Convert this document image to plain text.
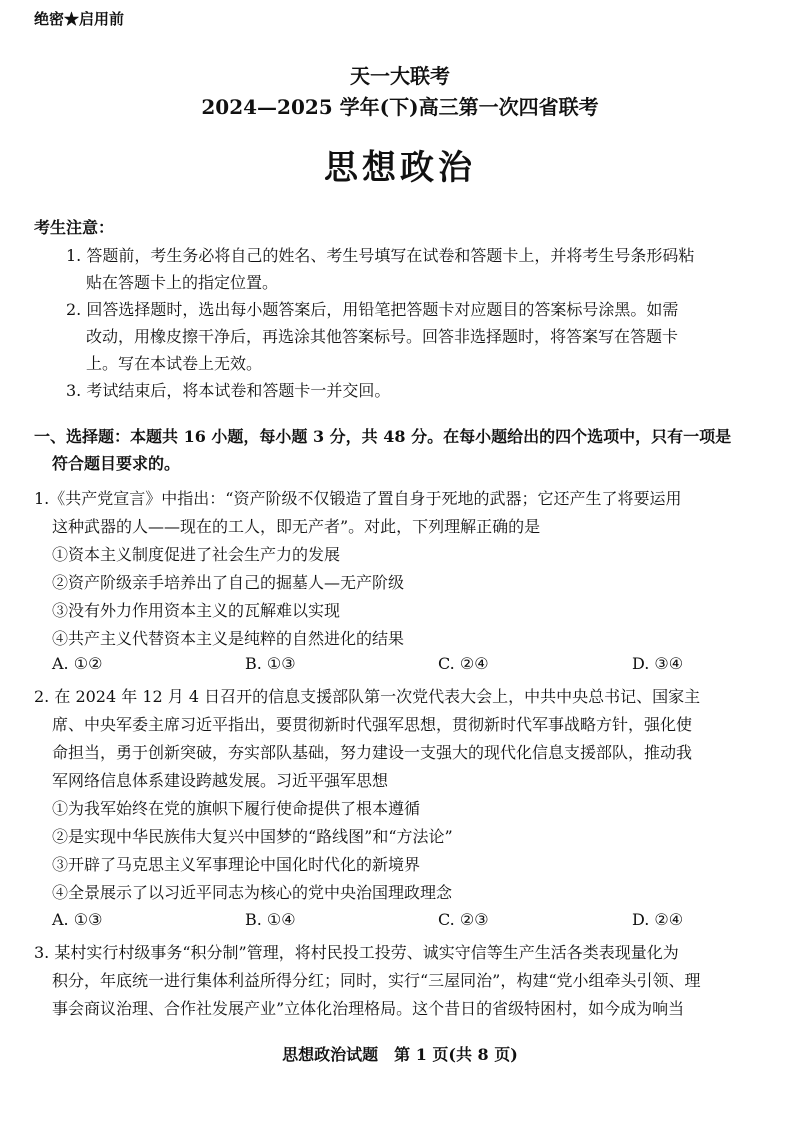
绝密★启用前
天一大联考
2024—2025 学年(下)高三第一次四省联考
思想政治
考生注意：
1. 答题前，考生务必将自己的姓名、考生号填写在试卷和答题卡上，并将考生号条形码粘
贴在答题卡上的指定位置。
2. 回答选择题时，选出每小题答案后，用铅笔把答题卡对应题目的答案标号涂黑。如需
改动，用橡皮擦干净后，再选涂其他答案标号。回答非选择题时，将答案写在答题卡
上。写在本试卷上无效。
3. 考试结束后，将本试卷和答题卡一并交回。
一、选择题：本题共 16 小题，每小题 3 分，共 48 分。在每小题给出的四个选项中，只有一项是
符合题目要求的。
1.《共产党宣言》中指出：“资产阶级不仅锻造了置自身于死地的武器；它还产生了将要运用
这种武器的人——现在的工人，即无产者”。对此，下列理解正确的是
①资本主义制度促进了社会生产力的发展
②资产阶级亲手培养出了自己的掘墓人—无产阶级
③没有外力作用资本主义的瓦解难以实现
④共产主义代替资本主义是纯粹的自然进化的结果
A. ①②	B. ①③	C. ②④	D. ③④
2. 在 2024 年 12 月 4 日召开的信息支援部队第一次党代表大会上，中共中央总书记、国家主
席、中央军委主席习近平指出，要贯彻新时代强军思想，贯彻新时代军事战略方针，强化使
命担当，勇于创新突破，夯实部队基础，努力建设一支强大的现代化信息支援部队，推动我
军网络信息体系建设跨越发展。习近平强军思想
①为我军始终在党的旗帜下履行使命提供了根本遵循
②是实现中华民族伟大复兴中国梦的“路线图”和“方法论”
③开辟了马克思主义军事理论中国化时代化的新境界
④全景展示了以习近平同志为核心的党中央治国理政理念
A. ①③	B. ①④	C. ②③	D. ②④
3. 某村实行村级事务“积分制”管理，将村民投工投劳、诚实守信等生产生活各类表现量化为
积分，年底统一进行集体利益所得分红；同时，实行“三屋同治”，构建“党小组牵头引领、理
事会商议治理、合作社发展产业”立体化治理格局。这个昔日的省级特困村，如今成为响当
思想政治试题　第 1 页(共 8 页)
